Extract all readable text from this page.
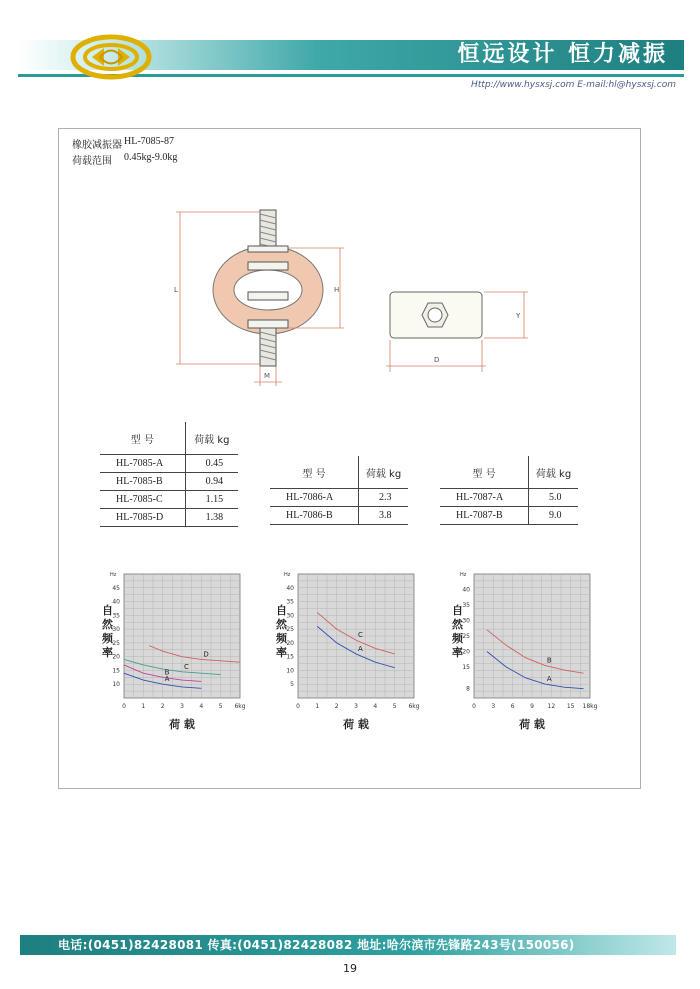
恒远设计 恒力减振
Http://www.hysxsj.com E-mail:hl@hysxsj.com
橡胶减振器 HL-7085-87
荷载范围 0.45kg-9.0kg
L	H
M
D
Y
型 号	荷载 kg
HL-7085-A	0.45
HL-7085-B	0.94
HL-7085-C	1.15
HL-7085-D	1.38
型 号	荷载 kg
HL-7086-A	2.3
HL-7086-B	3.8
型 号	荷载 kg
HL-7087-A	5.0
HL-7087-B	9.0
Hz
10
15
20
25
30
35
40
45
0	1	2	3	4	5 6kg
自
然
频
率
荷 载
D
C
B
A
Hz
5
10
15
20
25
30
35
40
0	1	2	3	4	5 6kg
自
然
频
率
荷 载
C
A
Hz
8
15
20
25
30
35
40
0	3	6	9 12 15 18kg
自
然
频
率
荷 载
B
A
电话:(0451)82428081 传真:(0451)82428082 地址:哈尔滨市先锋路243号(150056)
19
